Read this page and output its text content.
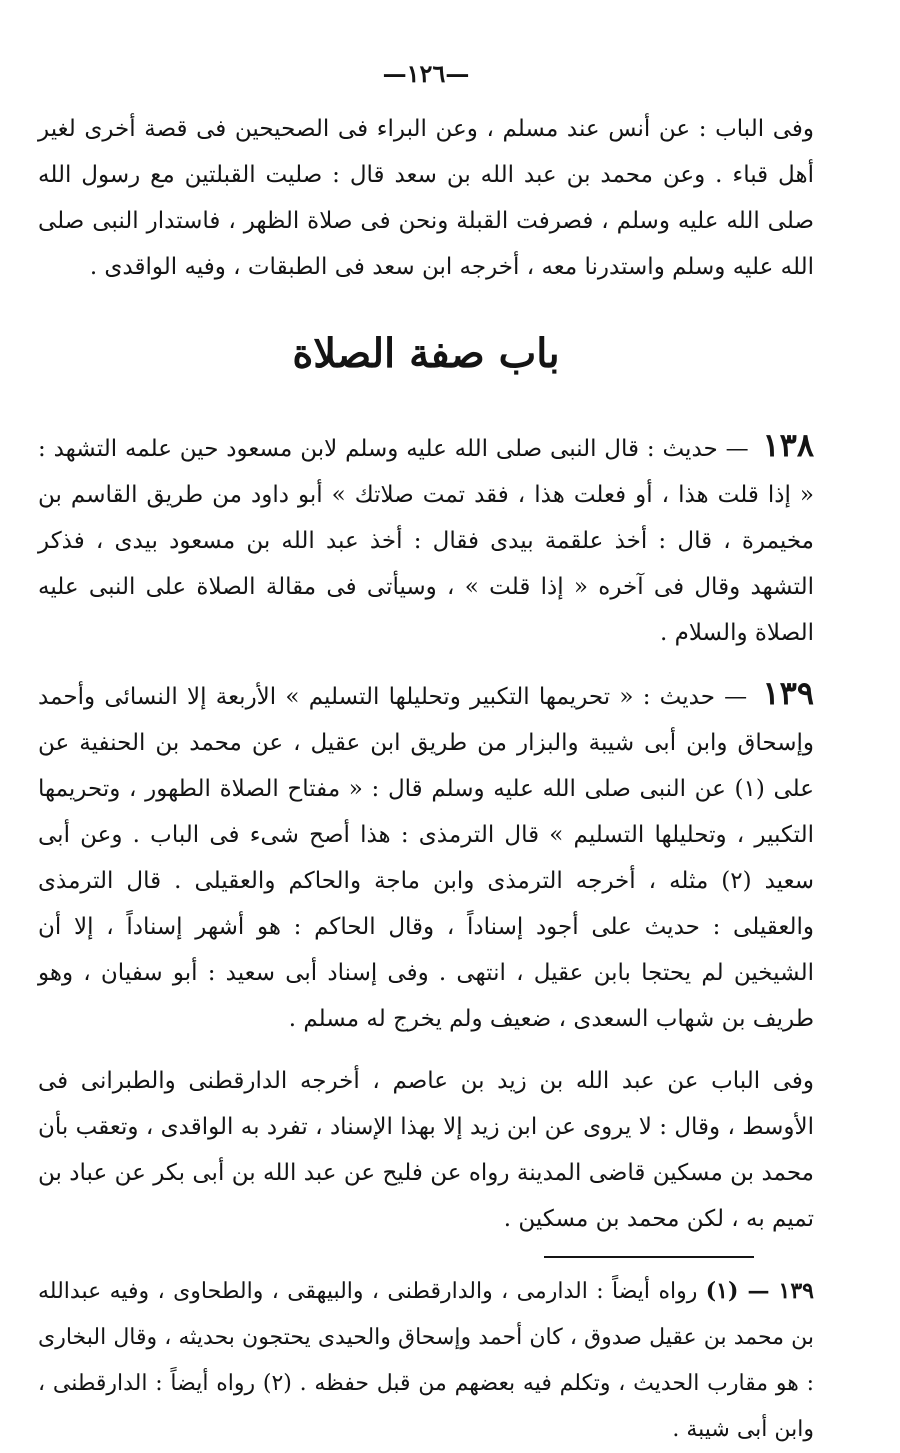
—١٢٦—

وفى الباب : عن أنس عند مسلم ، وعن البراء فى الصحيحين فى قصة أخرى لغير أهل قباء . وعن محمد بن عبد الله بن سعد قال : صليت القبلتين مع رسول الله صلى الله عليه وسلم ، فصرفت القبلة ونحن فى صلاة الظهر ، فاستدار النبى صلى الله عليه وسلم واستدرنا معه ، أخرجه ابن سعد فى الطبقات ، وفيه الواقدى .

باب صفة الصلاة

١٣٨ — حديث : قال النبى صلى الله عليه وسلم لابن مسعود حين علمه التشهد : « إذا قلت هذا ، أو فعلت هذا ، فقد تمت صلاتك » أبو داود من طريق القاسم بن مخيمرة ، قال : أخذ علقمة بيدى فقال : أخذ عبد الله بن مسعود بيدى ، فذكر التشهد وقال فى آخره « إذا قلت » ، وسيأتى فى مقالة الصلاة على النبى عليه الصلاة والسلام .

١٣٩ — حديث : « تحريمها التكبير وتحليلها التسليم » الأربعة إلا النسائى وأحمد وإسحاق وابن أبى شيبة والبزار من طريق ابن عقيل ، عن محمد بن الحنفية عن على (١) عن النبى صلى الله عليه وسلم قال : « مفتاح الصلاة الطهور ، وتحريمها التكبير ، وتحليلها التسليم » قال الترمذى : هذا أصح شىء فى الباب . وعن أبى سعيد (٢) مثله ، أخرجه الترمذى وابن ماجة والحاكم والعقيلى . قال الترمذى والعقيلى : حديث على أجود إسناداً ، وقال الحاكم : هو أشهر إسناداً ، إلا أن الشيخين لم يحتجا بابن عقيل ، انتهى . وفى إسناد أبى سعيد : أبو سفيان ، وهو طريف بن شهاب السعدى ، ضعيف ولم يخرج له مسلم .

وفى الباب عن عبد الله بن زيد بن عاصم ، أخرجه الدارقطنى والطبرانى فى الأوسط ، وقال : لا يروى عن ابن زيد إلا بهذا الإسناد ، تفرد به الواقدى ، وتعقب بأن محمد بن مسكين قاضى المدينة رواه عن فليح عن عبد الله بن أبى بكر عن عباد بن تميم به ، لكن محمد بن مسكين .

١٣٩ — (١) رواه أيضاً : الدارمى ، والدارقطنى ، والبيهقى ، والطحاوى ، وفيه عبدالله بن محمد بن عقيل صدوق ، كان أحمد وإسحاق والحيدى يحتجون بحديثه ، وقال البخارى : هو مقارب الحديث ، وتكلم فيه بعضهم من قبل حفظه . (٢) رواه أيضاً : الدارقطنى ، وابن أبى شيبة .
